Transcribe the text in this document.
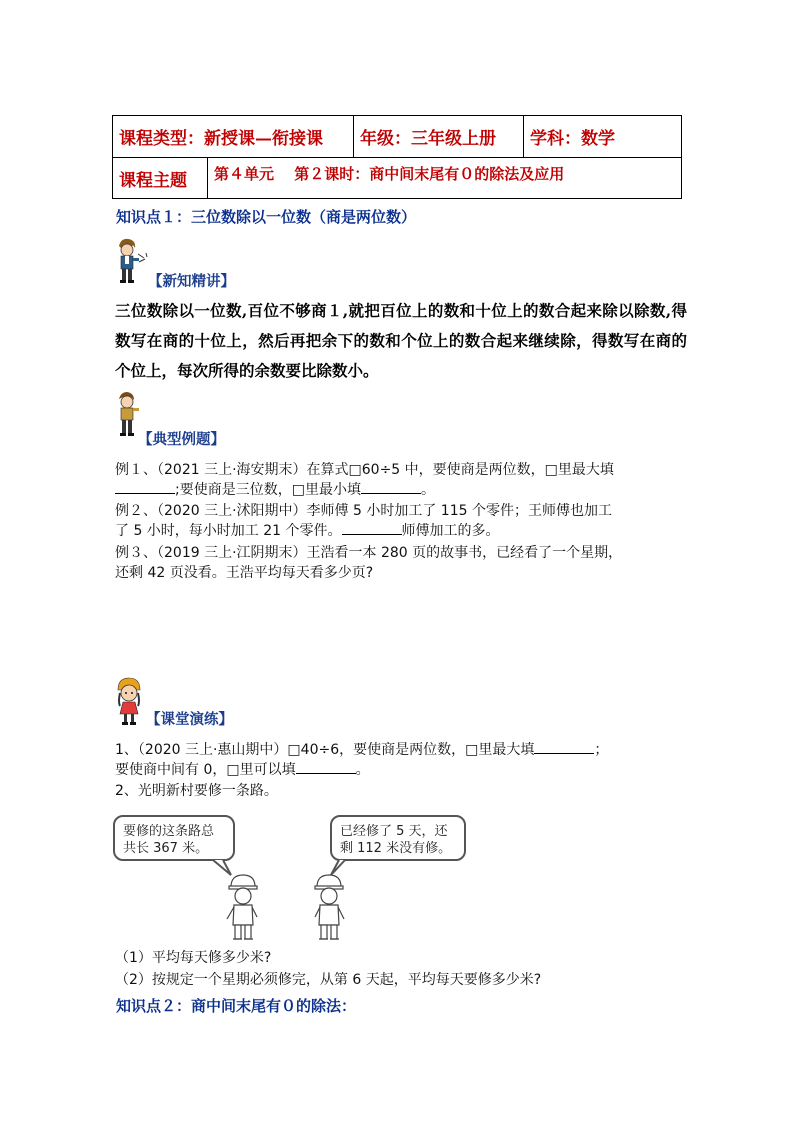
课程类型：新授课—衔接课	年级：三年级上册	学科：数学
课程主题	第４单元　 第２课时：商中间末尾有０的除法及应用
知识点１：三位数除以一位数（商是两位数）
【新知精讲】
三位数除以一位数,百位不够商１,就把百位上的数和十位上的数合起来除以除数,得数写在商的十位上，然后再把余下的数和个位上的数合起来继续除，得数写在商的个位上，每次所得的余数要比除数小。
【典型例题】
例１、（2021 三上·海安期末）在算式□60÷5 中，要使商是两位数，□里最大填
;要使商是三位数，□里最小填	。
例２、（2020 三上·沭阳期中）李师傅 5 小时加工了 115 个零件；王师傅也加工
了 5 小时，每小时加工 21 个零件。	师傅加工的多。
例３、（2019 三上·江阴期末）王浩看一本 280 页的故事书，已经看了一个星期，
还剩 42 页没看。王浩平均每天看多少页?
【课堂演练】
1、（2020 三上·惠山期中）□40÷6，要使商是两位数，□里最大填	；
要使商中间有 0，□里可以填	。
2、光明新村要修一条路。
要修的这条路总共长 367 米。
已经修了 5 天，还剩 112 米没有修。
（1）平均每天修多少米?
（2）按规定一个星期必须修完，从第 6 天起，平均每天要修多少米?
知识点２：商中间末尾有０的除法：
